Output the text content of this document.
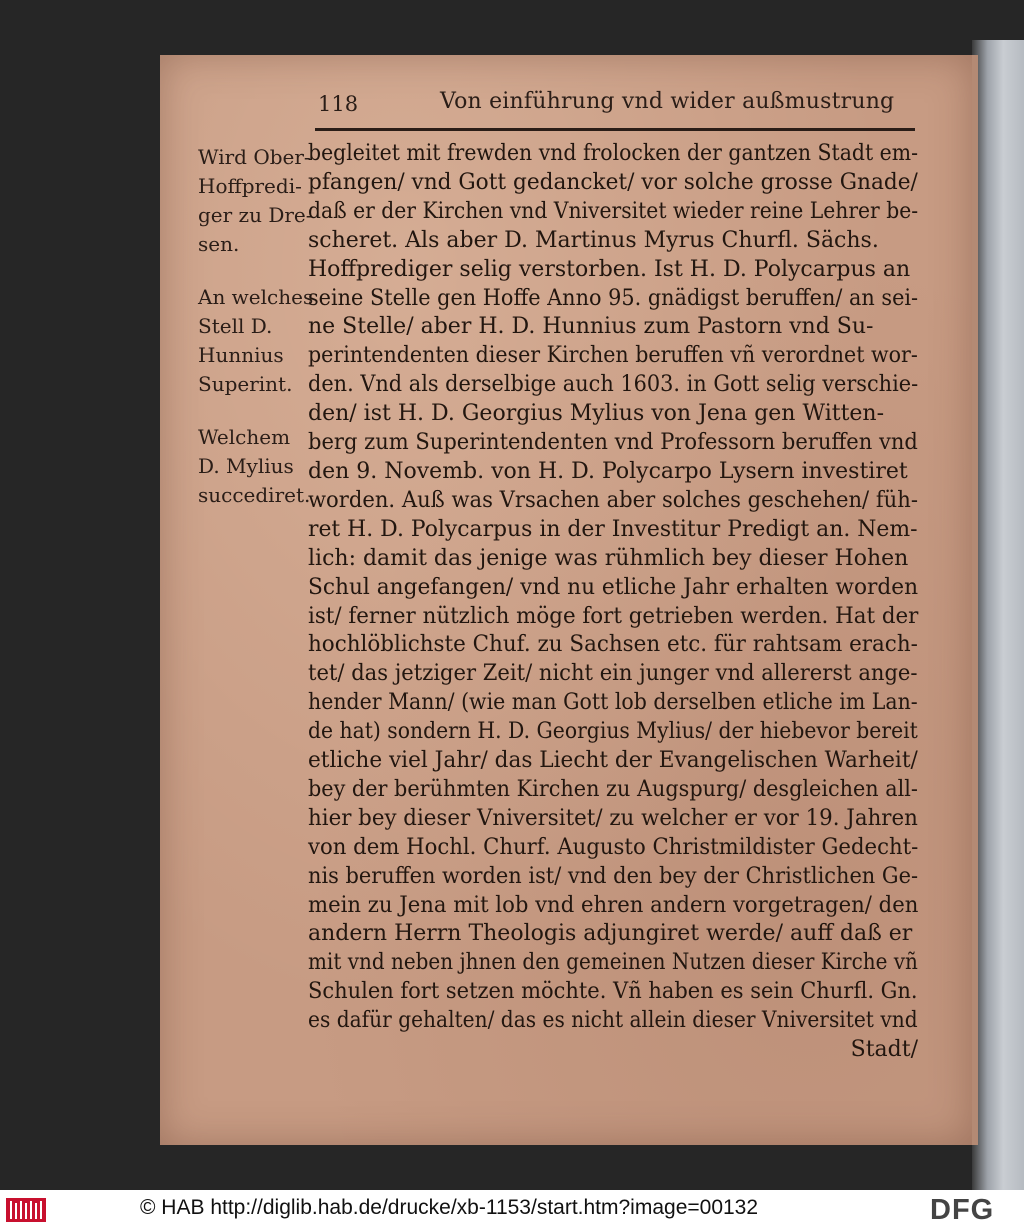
118	Von einführung vnd wider außmustrung
Wird Ober-
Hoffpredi-
ger zu Dre-
sen.
An welches
Stell D.
Hunnius
Superint.
Welchem
D. Mylius
succediret.
begleitet mit frewden vnd frolocken der gantzen Stadt em-
pfangen/ vnd Gott gedancket/ vor solche grosse Gnade/
daß er der Kirchen vnd Vniversitet wieder reine Lehrer be-
scheret. Als aber D. Martinus Myrus Churfl. Sächs.
Hoffprediger selig verstorben. Ist H. D. Polycarpus an
seine Stelle gen Hoffe Anno 95. gnädigst beruffen/ an sei-
ne Stelle/ aber H. D. Hunnius zum Pastorn vnd Su-
perintendenten dieser Kirchen beruffen vñ verordnet wor-
den. Vnd als derselbige auch 1603. in Gott selig verschie-
den/ ist H. D. Georgius Mylius von Jena gen Witten-
berg zum Superintendenten vnd Professorn beruffen vnd
den 9. Novemb. von H. D. Polycarpo Lysern investiret
worden. Auß was Vrsachen aber solches geschehen/ füh-
ret H. D. Polycarpus in der Investitur Predigt an. Nem-
lich: damit das jenige was rühmlich bey dieser Hohen
Schul angefangen/ vnd nu etliche Jahr erhalten worden
ist/ ferner nützlich möge fort getrieben werden. Hat der
hochlöblichste Chuf. zu Sachsen etc. für rahtsam erach-
tet/ das jetziger Zeit/ nicht ein junger vnd allererst ange-
hender Mann/ (wie man Gott lob derselben etliche im Lan-
de hat) sondern H. D. Georgius Mylius/ der hiebevor bereit
etliche viel Jahr/ das Liecht der Evangelischen Warheit/
bey der berühmten Kirchen zu Augspurg/ desgleichen all-
hier bey dieser Vniversitet/ zu welcher er vor 19. Jahren
von dem Hochl. Churf. Augusto Christmildister Gedecht-
nis beruffen worden ist/ vnd den bey der Christlichen Ge-
mein zu Jena mit lob vnd ehren andern vorgetragen/ den
andern Herrn Theologis adjungiret werde/ auff daß er
mit vnd neben jhnen den gemeinen Nutzen dieser Kirche vñ
Schulen fort setzen möchte. Vñ haben es sein Churfl. Gn.
es dafür gehalten/ das es nicht allein dieser Vniversitet vnd
Stadt/
© HAB http://diglib.hab.de/drucke/xb-1153/start.htm?image=00132	DFG
